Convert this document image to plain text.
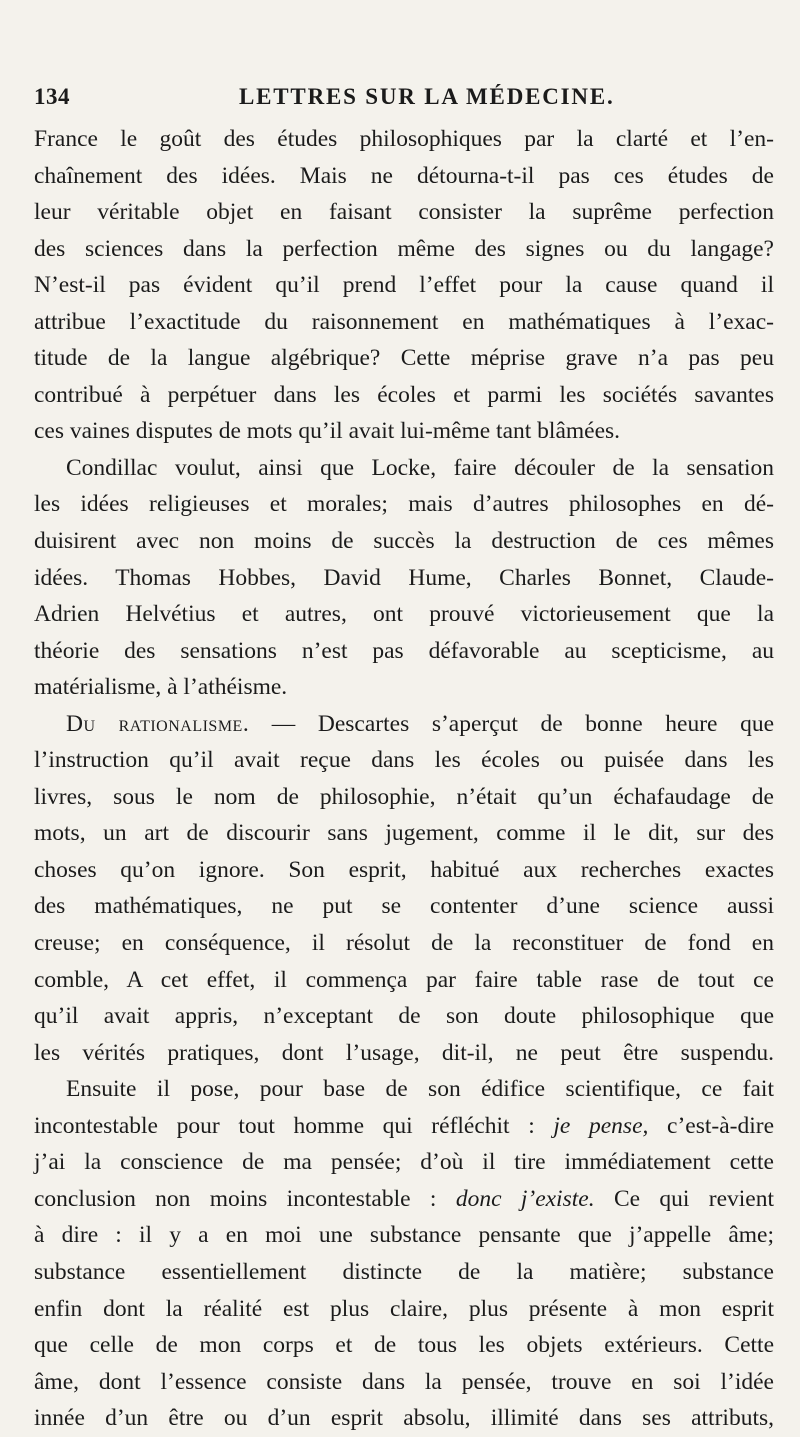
134	LETTRES SUR LA MÉDECINE.
France le goût des études philosophiques par la clarté et l’en-
chaînement des idées. Mais ne détourna-t-il pas ces études de
leur véritable objet en faisant consister la suprême perfection
des sciences dans la perfection même des signes ou du langage?
N’est-il pas évident qu’il prend l’effet pour la cause quand il
attribue l’exactitude du raisonnement en mathématiques à l’exac-
titude de la langue algébrique? Cette méprise grave n’a pas peu
contribué à perpétuer dans les écoles et parmi les sociétés savantes
ces vaines disputes de mots qu’il avait lui-même tant blâmées.
Condillac voulut, ainsi que Locke, faire découler de la sensation
les idées religieuses et morales; mais d’autres philosophes en dé-
duisirent avec non moins de succès la destruction de ces mêmes
idées. Thomas Hobbes, David Hume, Charles Bonnet, Claude-
Adrien Helvétius et autres, ont prouvé victorieusement que la
théorie des sensations n’est pas défavorable au scepticisme, au
matérialisme, à l’athéisme.
Du rationalisme. — Descartes s’aperçut de bonne heure que
l’instruction qu’il avait reçue dans les écoles ou puisée dans les
livres, sous le nom de philosophie, n’était qu’un échafaudage de
mots, un art de discourir sans jugement, comme il le dit, sur des
choses qu’on ignore. Son esprit, habitué aux recherches exactes
des mathématiques, ne put se contenter d’une science aussi
creuse; en conséquence, il résolut de la reconstituer de fond en
comble, A cet effet, il commença par faire table rase de tout ce
qu’il avait appris, n’exceptant de son doute philosophique que
les vérités pratiques, dont l’usage, dit-il, ne peut être suspendu.
Ensuite il pose, pour base de son édifice scientifique, ce fait
incontestable pour tout homme qui réfléchit : je pense, c’est-à-dire
j’ai la conscience de ma pensée; d’où il tire immédiatement cette
conclusion non moins incontestable : donc j’existe. Ce qui revient
à dire : il y a en moi une substance pensante que j’appelle âme;
substance essentiellement distincte de la matière; substance
enfin dont la réalité est plus claire, plus présente à mon esprit
que celle de mon corps et de tous les objets extérieurs. Cette
âme, dont l’essence consiste dans la pensée, trouve en soi l’idée
innée d’un être ou d’un esprit absolu, illimité dans ses attributs,
